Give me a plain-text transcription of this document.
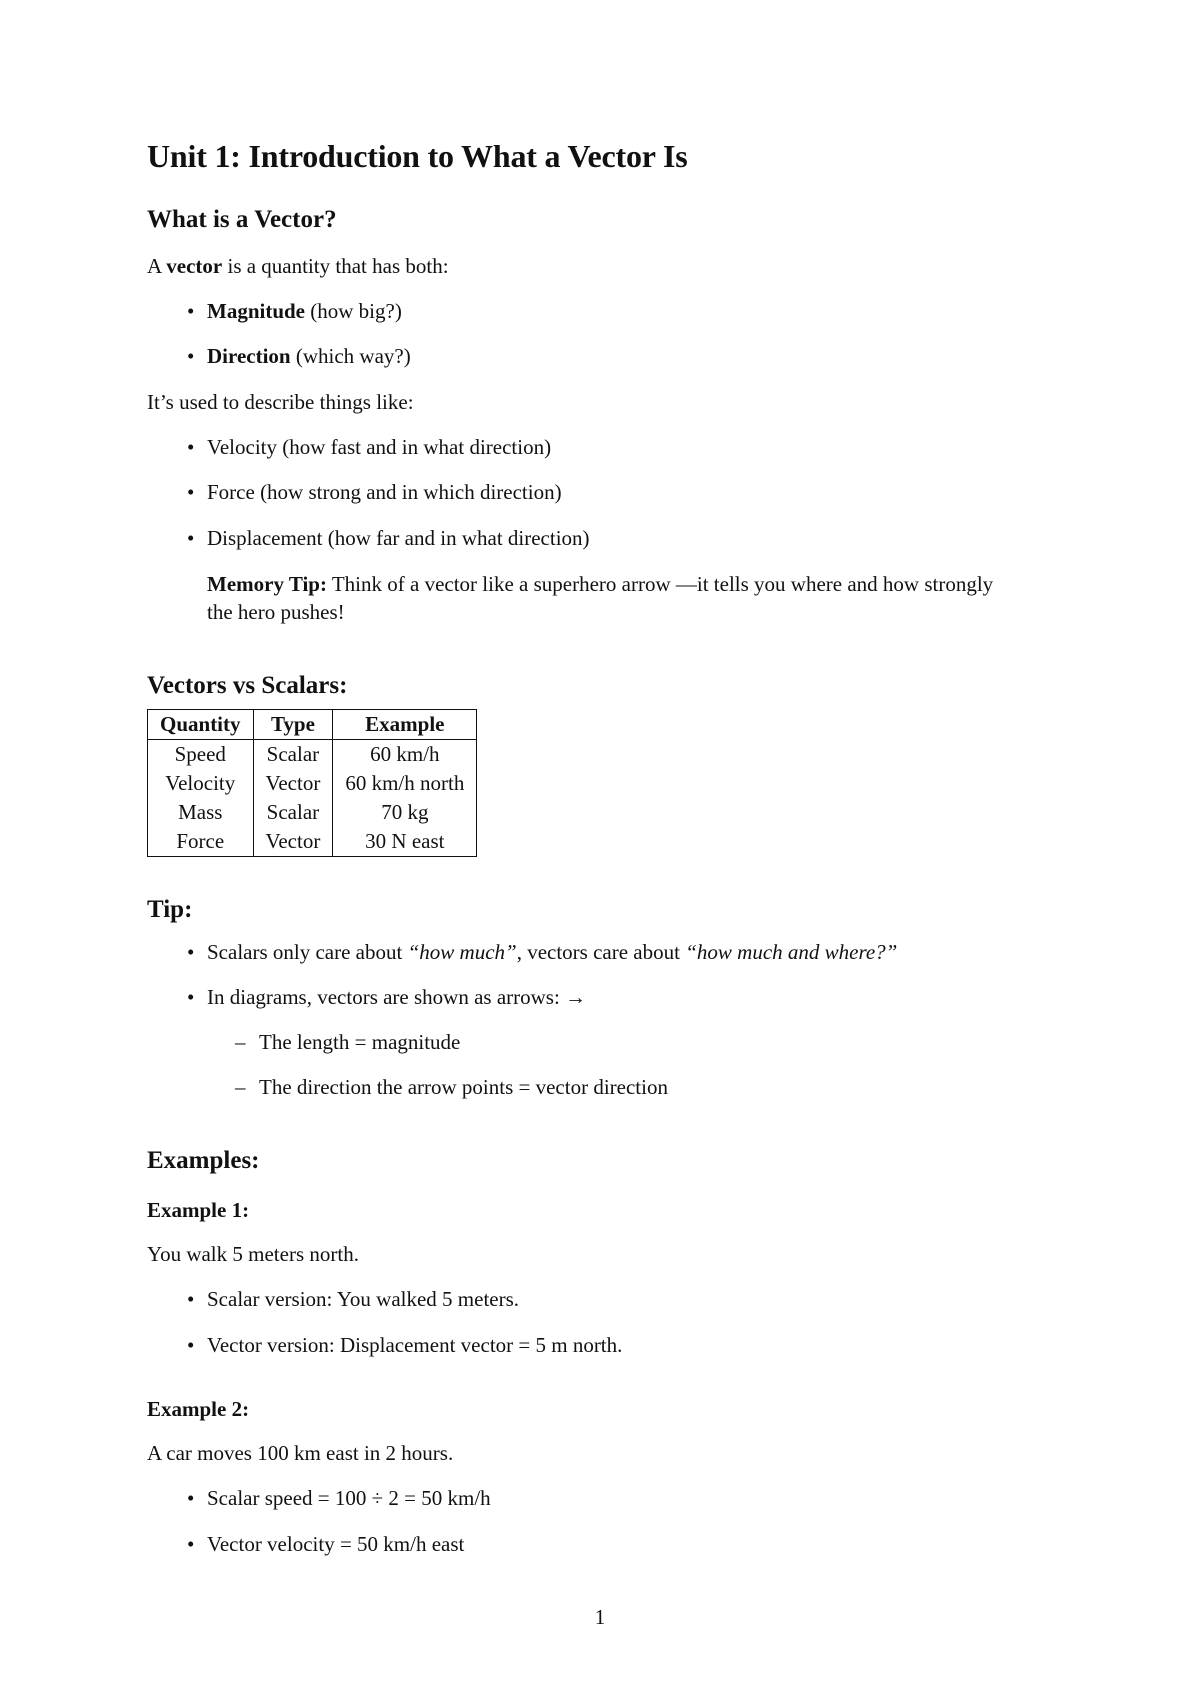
Unit 1: Introduction to What a Vector Is
What is a Vector?

A vector is a quantity that has both:

• Magnitude (how big?)
• Direction (which way?)

It’s used to describe things like:

• Velocity (how fast and in what direction)
• Force (how strong and in which direction)
• Displacement (how far and in what direction)

Memory Tip: Think of a vector like a superhero arrow —it tells you where and how strongly the hero pushes!

Vectors vs Scalars:
Quantity	Type	Example
Speed	Scalar	60 km/h
Velocity	Vector	60 km/h north
Mass	Scalar	70 kg
Force	Vector	30 N east
Tip:
• Scalars only care about “how much”, vectors care about “how much and where?”
• In diagrams, vectors are shown as arrows: →
– The length = magnitude
– The direction the arrow points = vector direction
Examples:
Example 1:

You walk 5 meters north.

• Scalar version: You walked 5 meters.
• Vector version: Displacement vector = 5 m north.
Example 2:

A car moves 100 km east in 2 hours.

• Scalar speed = 100 ÷ 2 = 50 km/h
• Vector velocity = 50 km/h east
1
